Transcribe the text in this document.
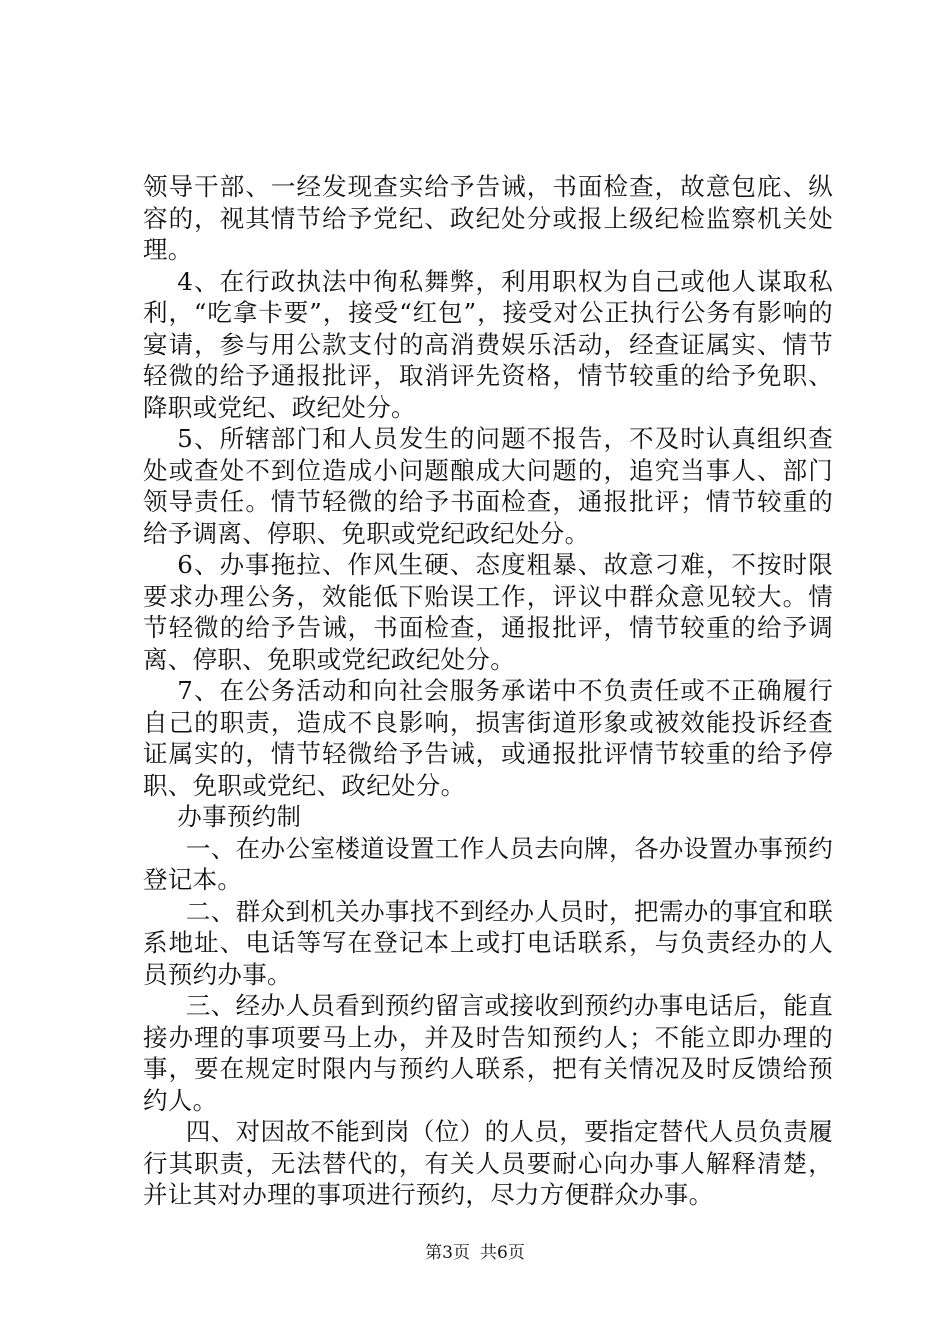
领导干部、一经发现查实给予告诫，书面检查，故意包庇、纵容的，视其情节给予党纪、政纪处分或报上级纪检监察机关处理。

4、在行政执法中徇私舞弊，利用职权为自己或他人谋取私利，“吃拿卡要”，接受“红包”，接受对公正执行公务有影响的宴请，参与用公款支付的高消费娱乐活动，经查证属实、情节轻微的给予通报批评，取消评先资格，情节较重的给予免职、降职或党纪、政纪处分。

5、所辖部门和人员发生的问题不报告，不及时认真组织查处或查处不到位造成小问题酿成大问题的，追究当事人、部门领导责任。情节轻微的给予书面检查，通报批评；情节较重的给予调离、停职、免职或党纪政纪处分。

6、办事拖拉、作风生硬、态度粗暴、故意刁难，不按时限要求办理公务，效能低下贻误工作，评议中群众意见较大。情节轻微的给予告诫，书面检查，通报批评，情节较重的给予调离、停职、免职或党纪政纪处分。

7、在公务活动和向社会服务承诺中不负责任或不正确履行自己的职责，造成不良影响，损害街道形象或被效能投诉经查证属实的，情节轻微给予告诫，或通报批评情节较重的给予停职、免职或党纪、政纪处分。

办事预约制

一、在办公室楼道设置工作人员去向牌，各办设置办事预约登记本。

二、群众到机关办事找不到经办人员时，把需办的事宜和联系地址、电话等写在登记本上或打电话联系，与负责经办的人员预约办事。

三、经办人员看到预约留言或接收到预约办事电话后，能直接办理的事项要马上办，并及时告知预约人；不能立即办理的事，要在规定时限内与预约人联系，把有关情况及时反馈给预约人。

四、对因故不能到岗（位）的人员，要指定替代人员负责履行其职责，无法替代的，有关人员要耐心向办事人解释清楚，并让其对办理的事项进行预约，尽力方便群众办事。

第3页 共6页
